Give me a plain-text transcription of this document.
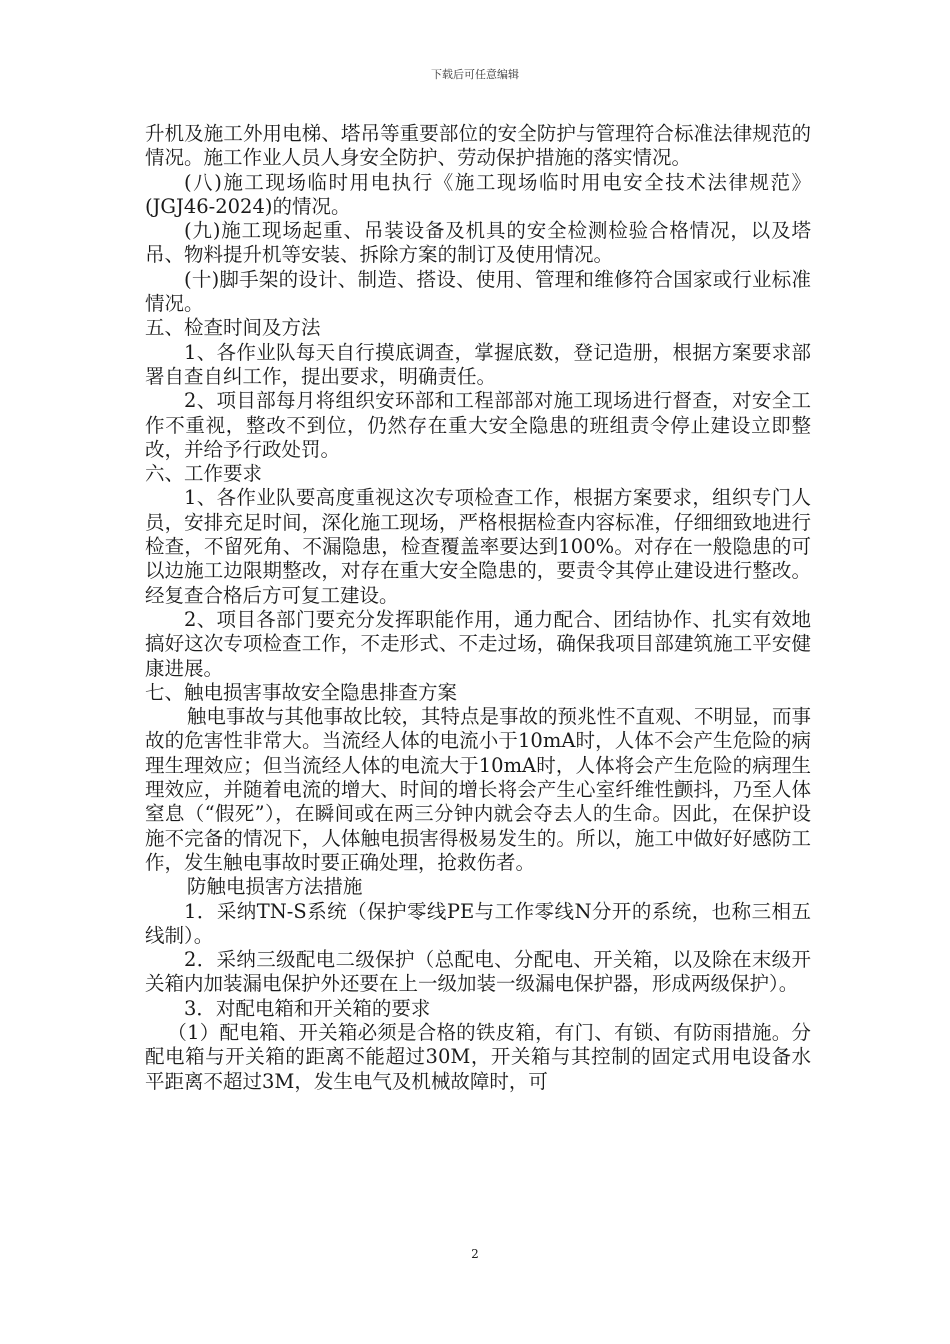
下载后可任意编辑

升机及施工外用电梯、塔吊等重要部位的安全防护与管理符合标准法律规范的情况。施工作业人员人身安全防护、劳动保护措施的落实情况。

(八)施工现场临时用电执行《施工现场临时用电安全技术法律规范》(JGJ46-2024)的情况。

(九)施工现场起重、吊装设备及机具的安全检测检验合格情况，以及塔吊、物料提升机等安装、拆除方案的制订及使用情况。

(十)脚手架的设计、制造、搭设、使用、管理和维修符合国家或行业标准情况。

五、检查时间及方法

1、各作业队每天自行摸底调查，掌握底数，登记造册，根据方案要求部署自查自纠工作，提出要求，明确责任。

2、项目部每月将组织安环部和工程部部对施工现场进行督查，对安全工作不重视，整改不到位，仍然存在重大安全隐患的班组责令停止建设立即整改，并给予行政处罚。

六、工作要求

1、各作业队要高度重视这次专项检查工作，根据方案要求，组织专门人员，安排充足时间，深化施工现场，严格根据检查内容标准，仔细细致地进行检查，不留死角、不漏隐患，检查覆盖率要达到100%。对存在一般隐患的可以边施工边限期整改，对存在重大安全隐患的，要责令其停止建设进行整改。经复查合格后方可复工建设。

2、项目各部门要充分发挥职能作用，通力配合、团结协作、扎实有效地搞好这次专项检查工作，不走形式、不走过场，确保我项目部建筑施工平安健康进展。

七、触电损害事故安全隐患排查方案

触电事故与其他事故比较，其特点是事故的预兆性不直观、不明显，而事故的危害性非常大。当流经人体的电流小于10mA时，人体不会产生危险的病理生理效应；但当流经人体的电流大于10mA时，人体将会产生危险的病理生理效应，并随着电流的增大、时间的增长将会产生心室纤维性颤抖，乃至人体窒息（“假死”），在瞬间或在两三分钟内就会夺去人的生命。因此，在保护设施不完备的情况下，人体触电损害得极易发生的。所以，施工中做好好感防工作，发生触电事故时要正确处理，抢救伤者。

防触电损害方法措施

1．采纳TN-S系统（保护零线PE与工作零线N分开的系统，也称三相五线制）。

2．采纳三级配电二级保护（总配电、分配电、开关箱，以及除在末级开关箱内加装漏电保护外还要在上一级加装一级漏电保护器，形成两级保护）。

3．对配电箱和开关箱的要求

（1）配电箱、开关箱必须是合格的铁皮箱，有门、有锁、有防雨措施。分配电箱与开关箱的距离不能超过30M，开关箱与其控制的固定式用电设备水平距离不超过3M，发生电气及机械故障时，可

2
